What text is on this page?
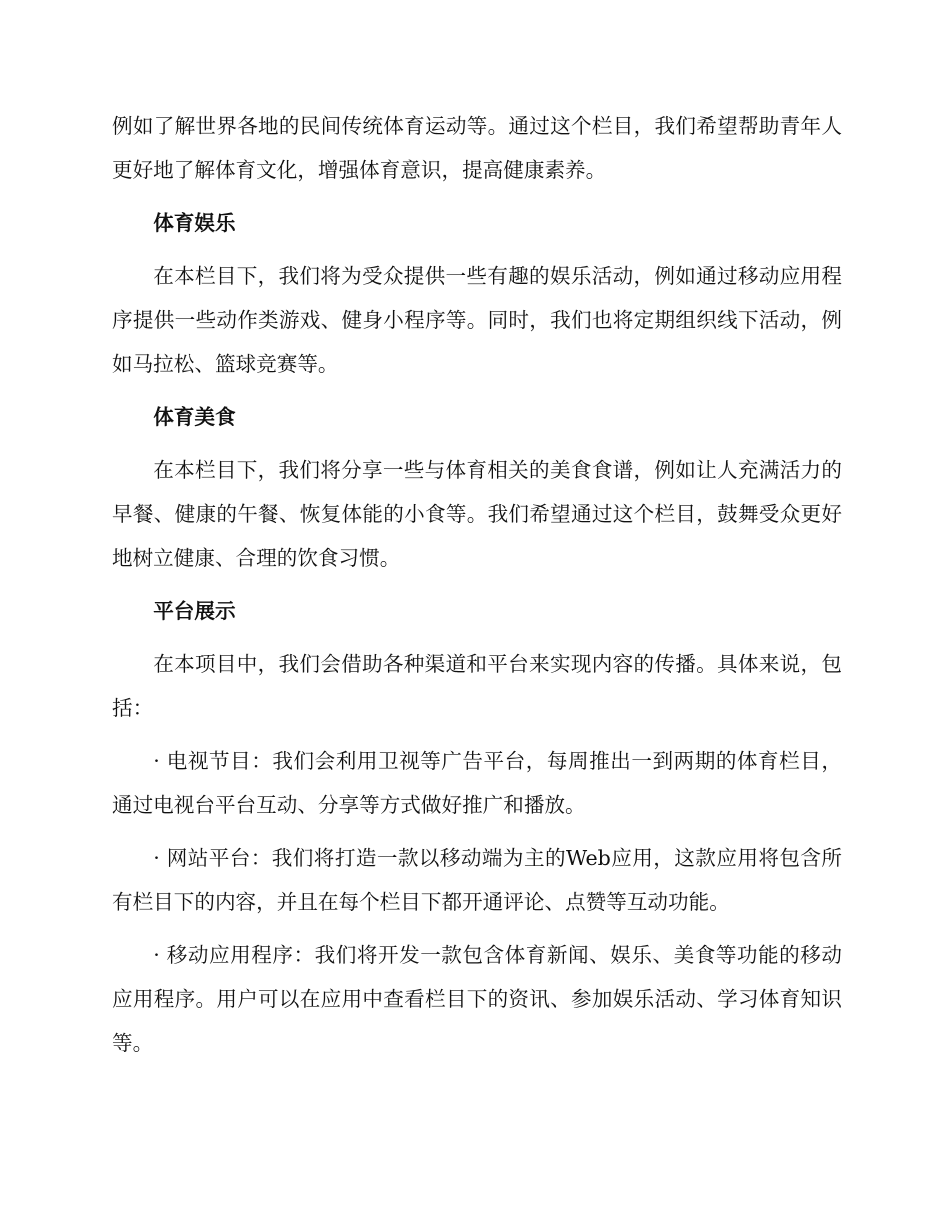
例如了解世界各地的民间传统体育运动等。通过这个栏目，我们希望帮助青年人更好地了解体育文化，增强体育意识，提高健康素养。

体育娱乐

在本栏目下，我们将为受众提供一些有趣的娱乐活动，例如通过移动应用程序提供一些动作类游戏、健身小程序等。同时，我们也将定期组织线下活动，例如马拉松、篮球竞赛等。

体育美食

在本栏目下，我们将分享一些与体育相关的美食食谱，例如让人充满活力的早餐、健康的午餐、恢复体能的小食等。我们希望通过这个栏目，鼓舞受众更好地树立健康、合理的饮食习惯。

平台展示

在本项目中，我们会借助各种渠道和平台来实现内容的传播。具体来说，包括：

· 电视节目：我们会利用卫视等广告平台，每周推出一到两期的体育栏目，通过电视台平台互动、分享等方式做好推广和播放。

· 网站平台：我们将打造一款以移动端为主的Web应用，这款应用将包含所有栏目下的内容，并且在每个栏目下都开通评论、点赞等互动功能。

· 移动应用程序：我们将开发一款包含体育新闻、娱乐、美食等功能的移动应用程序。用户可以在应用中查看栏目下的资讯、参加娱乐活动、学习体育知识等。
